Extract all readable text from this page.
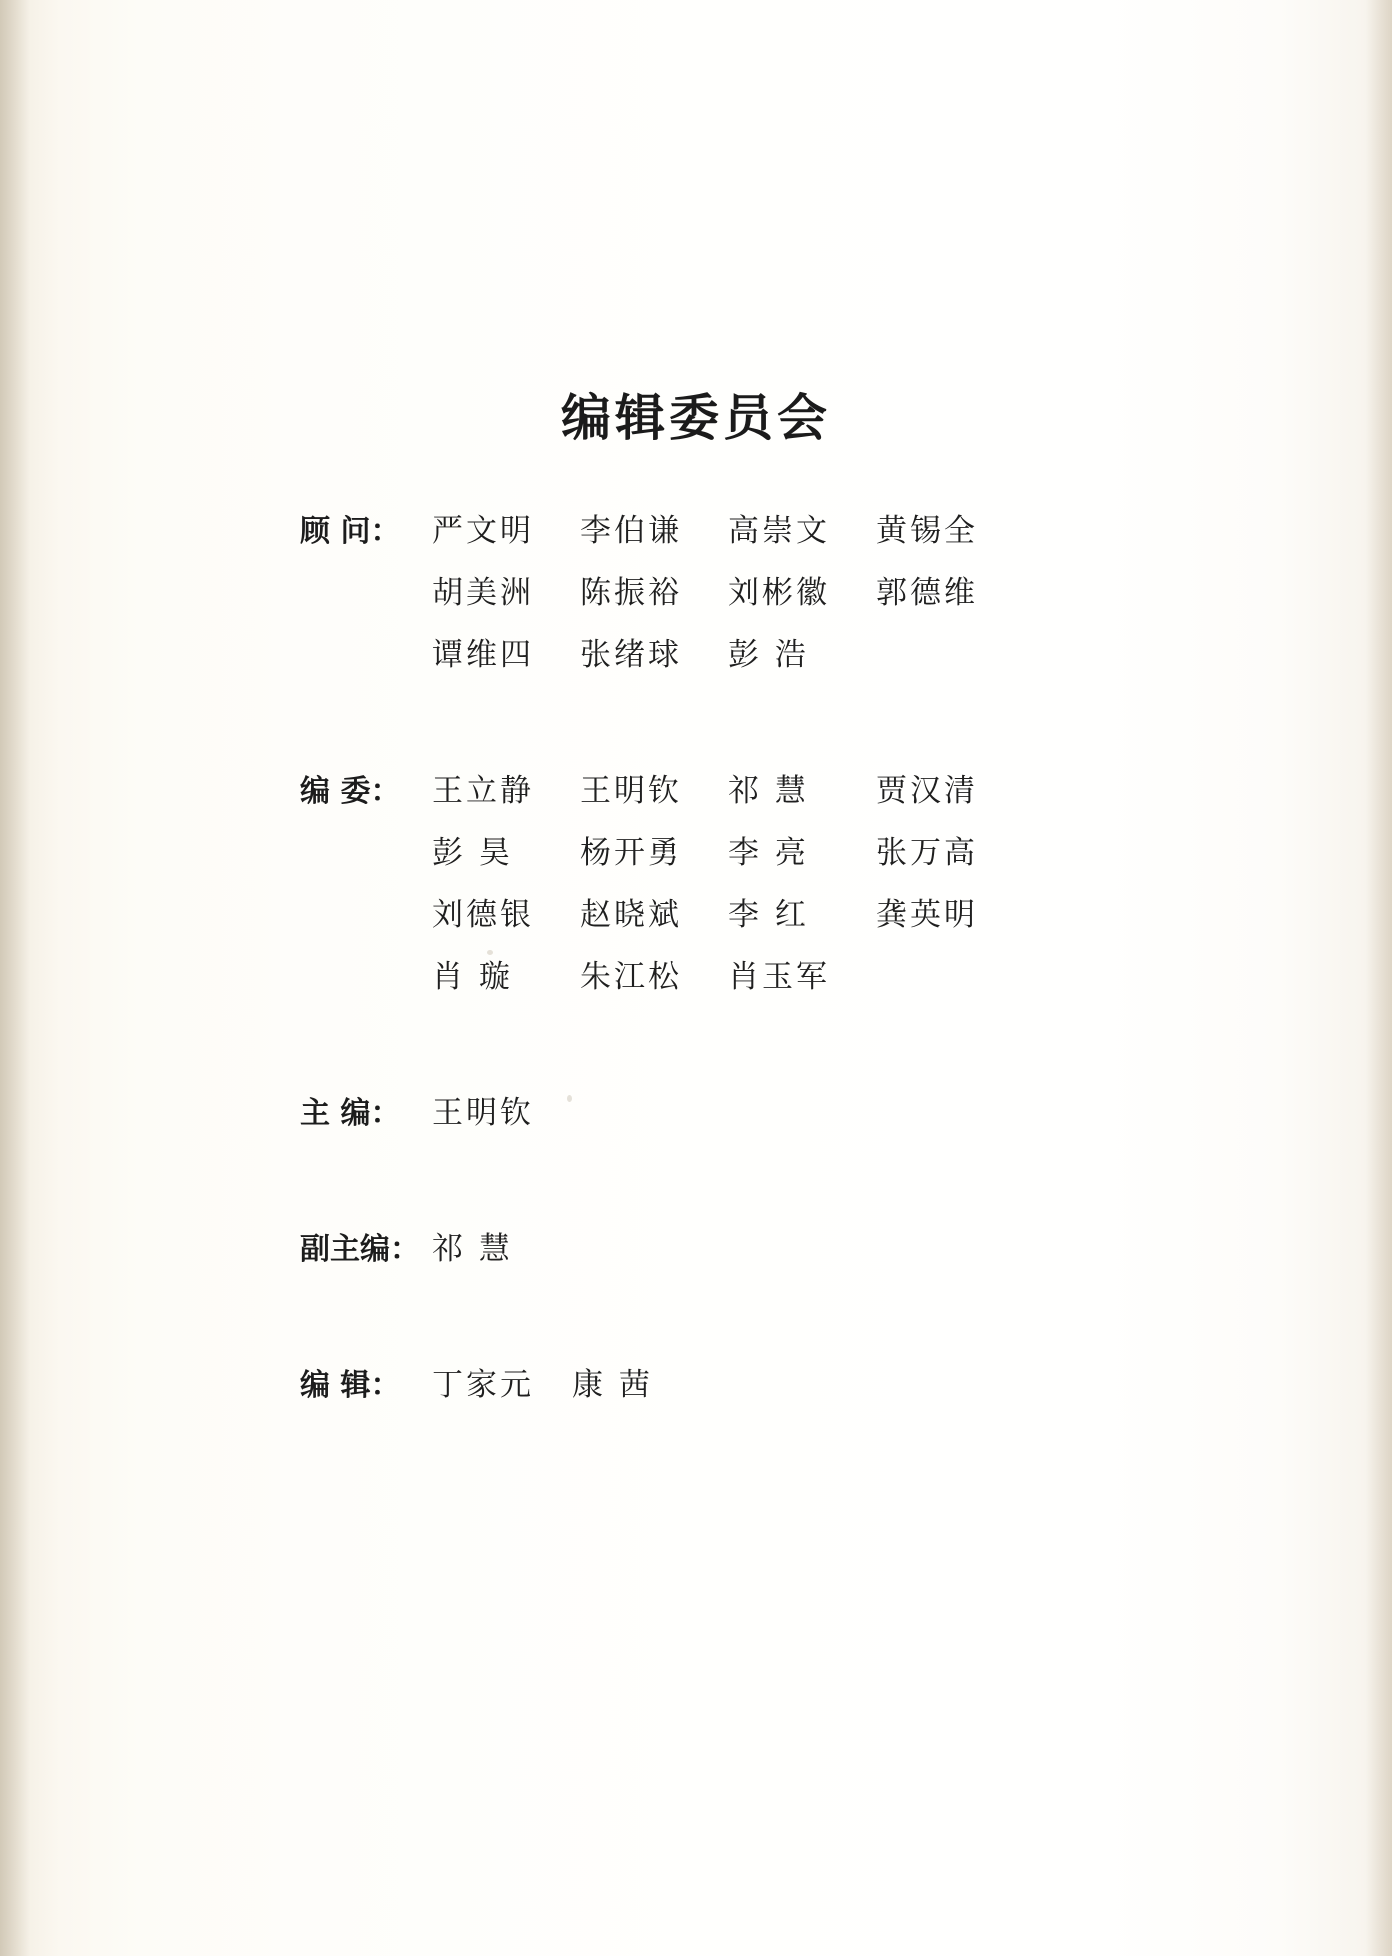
编辑委员会
顾 问：	严文明	李伯谦	高崇文	黄锡全
胡美洲	陈振裕	刘彬徽	郭德维
谭维四	张绪球	彭 浩
编 委：	王立静	王明钦	祁 慧	贾汉清
彭 昊	杨开勇	李 亮	张万高
刘德银	赵晓斌	李 红	龚英明
肖 璇	朱江松	肖玉军
主 编：	王明钦
副主编： 祁 慧
编 辑：	丁家元 康 茜
